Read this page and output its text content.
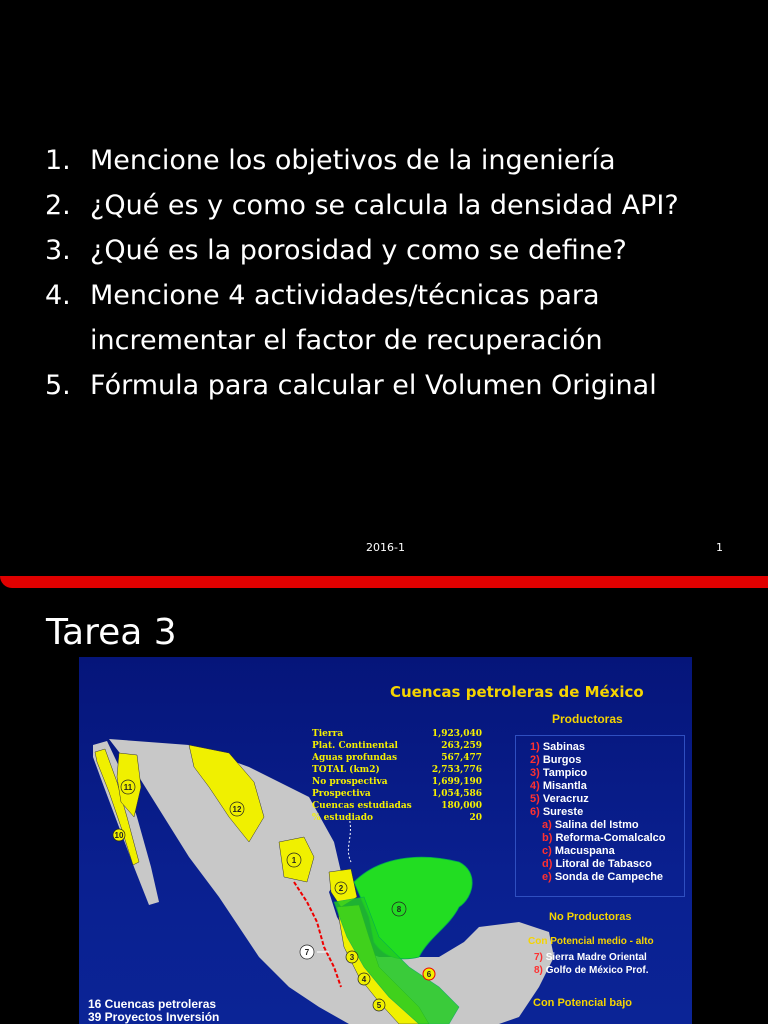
1. Mencione los objetivos de la ingeniería
2. ¿Qué es y como se calcula la densidad API?
3. ¿Qué es la porosidad y como se define?
4. Mencione 4 actividades/técnicas para incrementar el factor de recuperación
5. Fórmula para calcular el Volumen Original
2016-1	1
Tarea 3
11
10
12
1
2
7
8
3
4
5
6
Cuencas petroleras de México
Tierra	1,923,040
Plat. Continental	263,259
Aguas profundas	567,477
TOTAL (km2)	2,753,776
No prospectiva	1,699,190
Prospectiva	1,054,586
Cuencas estudiadas	180,000
% estudiado	20
Productoras
1) Sabinas
2) Burgos
3) Tampico
4) Misantla
5) Veracruz
6) Sureste
a) Salina del Istmo
b) Reforma-Comalcalco
c) Macuspana
d) Litoral de Tabasco
e) Sonda de Campeche
No Productoras
Con Potencial medio - alto
7) Sierra Madre Oriental
8) Golfo de México Prof.
Con Potencial bajo
16 Cuencas petroleras
39 Proyectos Inversión
